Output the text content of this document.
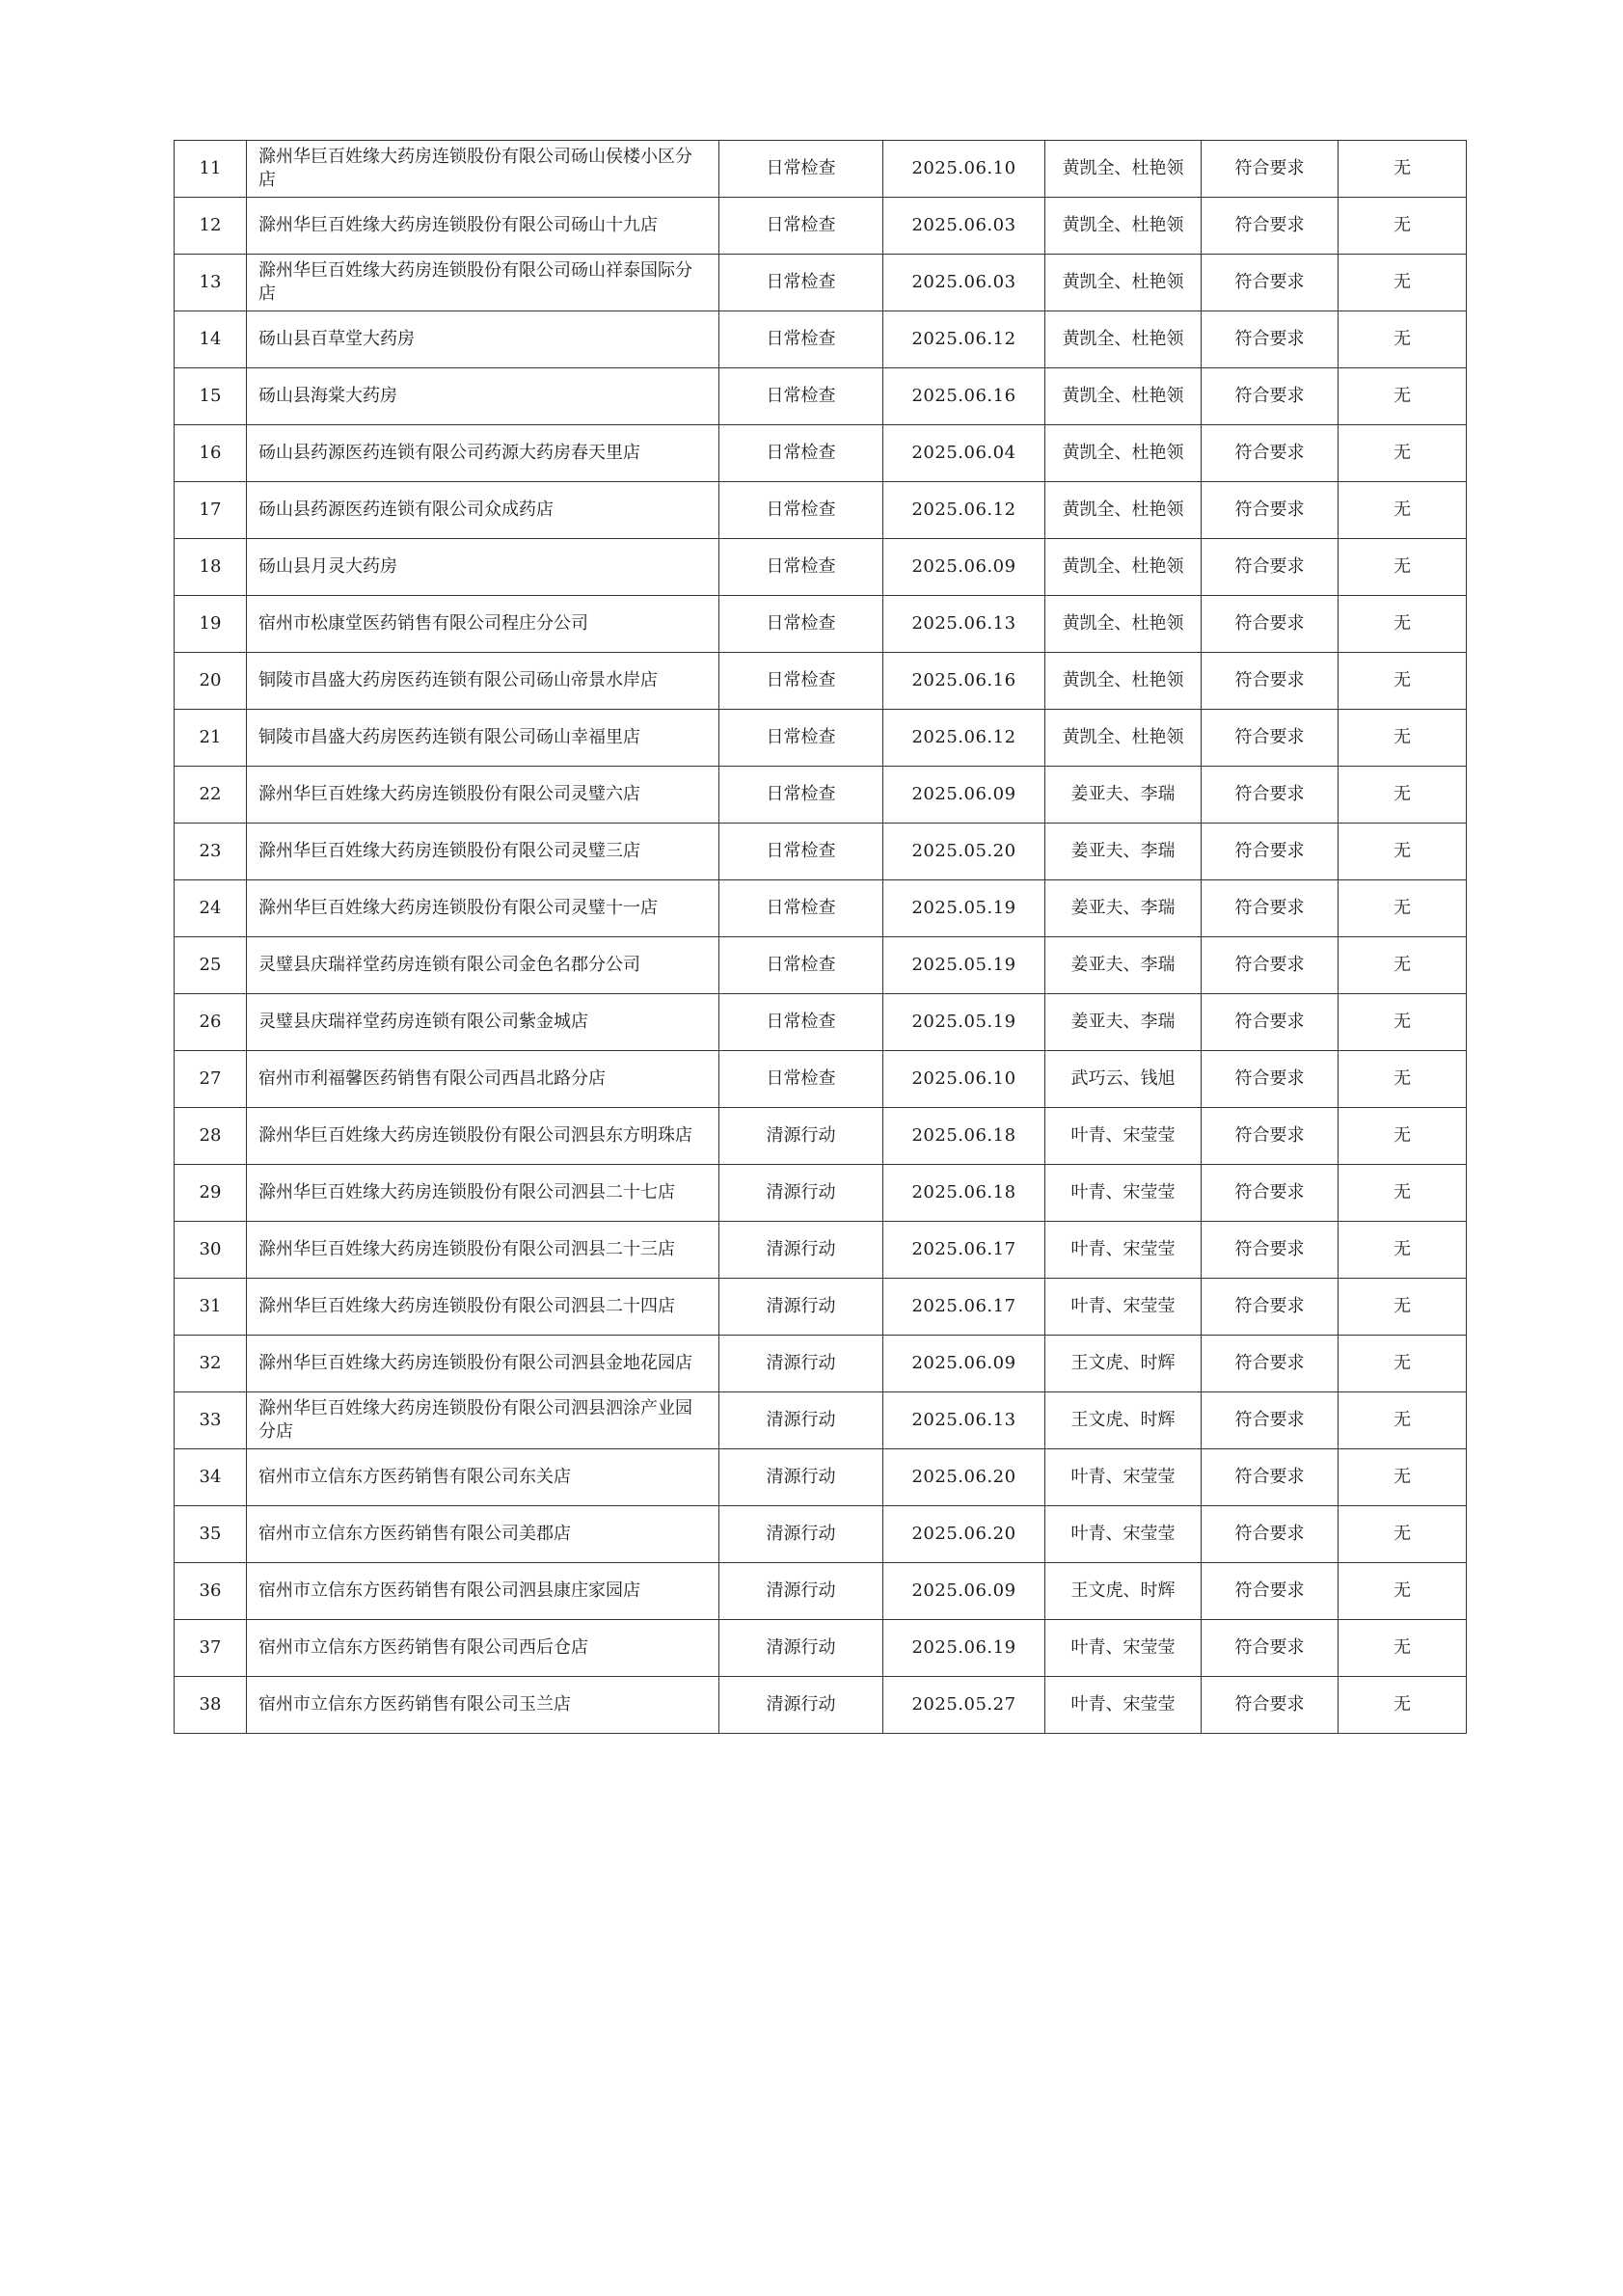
11	滁州华巨百姓缘大药房连锁股份有限公司砀山侯楼小区分店	日常检查	2025.06.10	黄凯全、杜艳领	符合要求	无
12	滁州华巨百姓缘大药房连锁股份有限公司砀山十九店	日常检查	2025.06.03	黄凯全、杜艳领	符合要求	无
13	滁州华巨百姓缘大药房连锁股份有限公司砀山祥泰国际分店	日常检查	2025.06.03	黄凯全、杜艳领	符合要求	无
14	砀山县百草堂大药房	日常检查	2025.06.12	黄凯全、杜艳领	符合要求	无
15	砀山县海棠大药房	日常检查	2025.06.16	黄凯全、杜艳领	符合要求	无
16	砀山县药源医药连锁有限公司药源大药房春天里店	日常检查	2025.06.04	黄凯全、杜艳领	符合要求	无
17	砀山县药源医药连锁有限公司众成药店	日常检查	2025.06.12	黄凯全、杜艳领	符合要求	无
18	砀山县月灵大药房	日常检查	2025.06.09	黄凯全、杜艳领	符合要求	无
19	宿州市松康堂医药销售有限公司程庄分公司	日常检查	2025.06.13	黄凯全、杜艳领	符合要求	无
20	铜陵市昌盛大药房医药连锁有限公司砀山帝景水岸店	日常检查	2025.06.16	黄凯全、杜艳领	符合要求	无
21	铜陵市昌盛大药房医药连锁有限公司砀山幸福里店	日常检查	2025.06.12	黄凯全、杜艳领	符合要求	无
22	滁州华巨百姓缘大药房连锁股份有限公司灵璧六店	日常检查	2025.06.09	姜亚夫、李瑞	符合要求	无
23	滁州华巨百姓缘大药房连锁股份有限公司灵璧三店	日常检查	2025.05.20	姜亚夫、李瑞	符合要求	无
24	滁州华巨百姓缘大药房连锁股份有限公司灵璧十一店	日常检查	2025.05.19	姜亚夫、李瑞	符合要求	无
25	灵璧县庆瑞祥堂药房连锁有限公司金色名郡分公司	日常检查	2025.05.19	姜亚夫、李瑞	符合要求	无
26	灵璧县庆瑞祥堂药房连锁有限公司紫金城店	日常检查	2025.05.19	姜亚夫、李瑞	符合要求	无
27	宿州市利福馨医药销售有限公司西昌北路分店	日常检查	2025.06.10	武巧云、钱旭	符合要求	无
28	滁州华巨百姓缘大药房连锁股份有限公司泗县东方明珠店	清源行动	2025.06.18	叶青、宋莹莹	符合要求	无
29	滁州华巨百姓缘大药房连锁股份有限公司泗县二十七店	清源行动	2025.06.18	叶青、宋莹莹	符合要求	无
30	滁州华巨百姓缘大药房连锁股份有限公司泗县二十三店	清源行动	2025.06.17	叶青、宋莹莹	符合要求	无
31	滁州华巨百姓缘大药房连锁股份有限公司泗县二十四店	清源行动	2025.06.17	叶青、宋莹莹	符合要求	无
32	滁州华巨百姓缘大药房连锁股份有限公司泗县金地花园店	清源行动	2025.06.09	王文虎、时辉	符合要求	无
33	滁州华巨百姓缘大药房连锁股份有限公司泗县泗涂产业园分店	清源行动	2025.06.13	王文虎、时辉	符合要求	无
34	宿州市立信东方医药销售有限公司东关店	清源行动	2025.06.20	叶青、宋莹莹	符合要求	无
35	宿州市立信东方医药销售有限公司美郡店	清源行动	2025.06.20	叶青、宋莹莹	符合要求	无
36	宿州市立信东方医药销售有限公司泗县康庄家园店	清源行动	2025.06.09	王文虎、时辉	符合要求	无
37	宿州市立信东方医药销售有限公司西后仓店	清源行动	2025.06.19	叶青、宋莹莹	符合要求	无
38	宿州市立信东方医药销售有限公司玉兰店	清源行动	2025.05.27	叶青、宋莹莹	符合要求	无
